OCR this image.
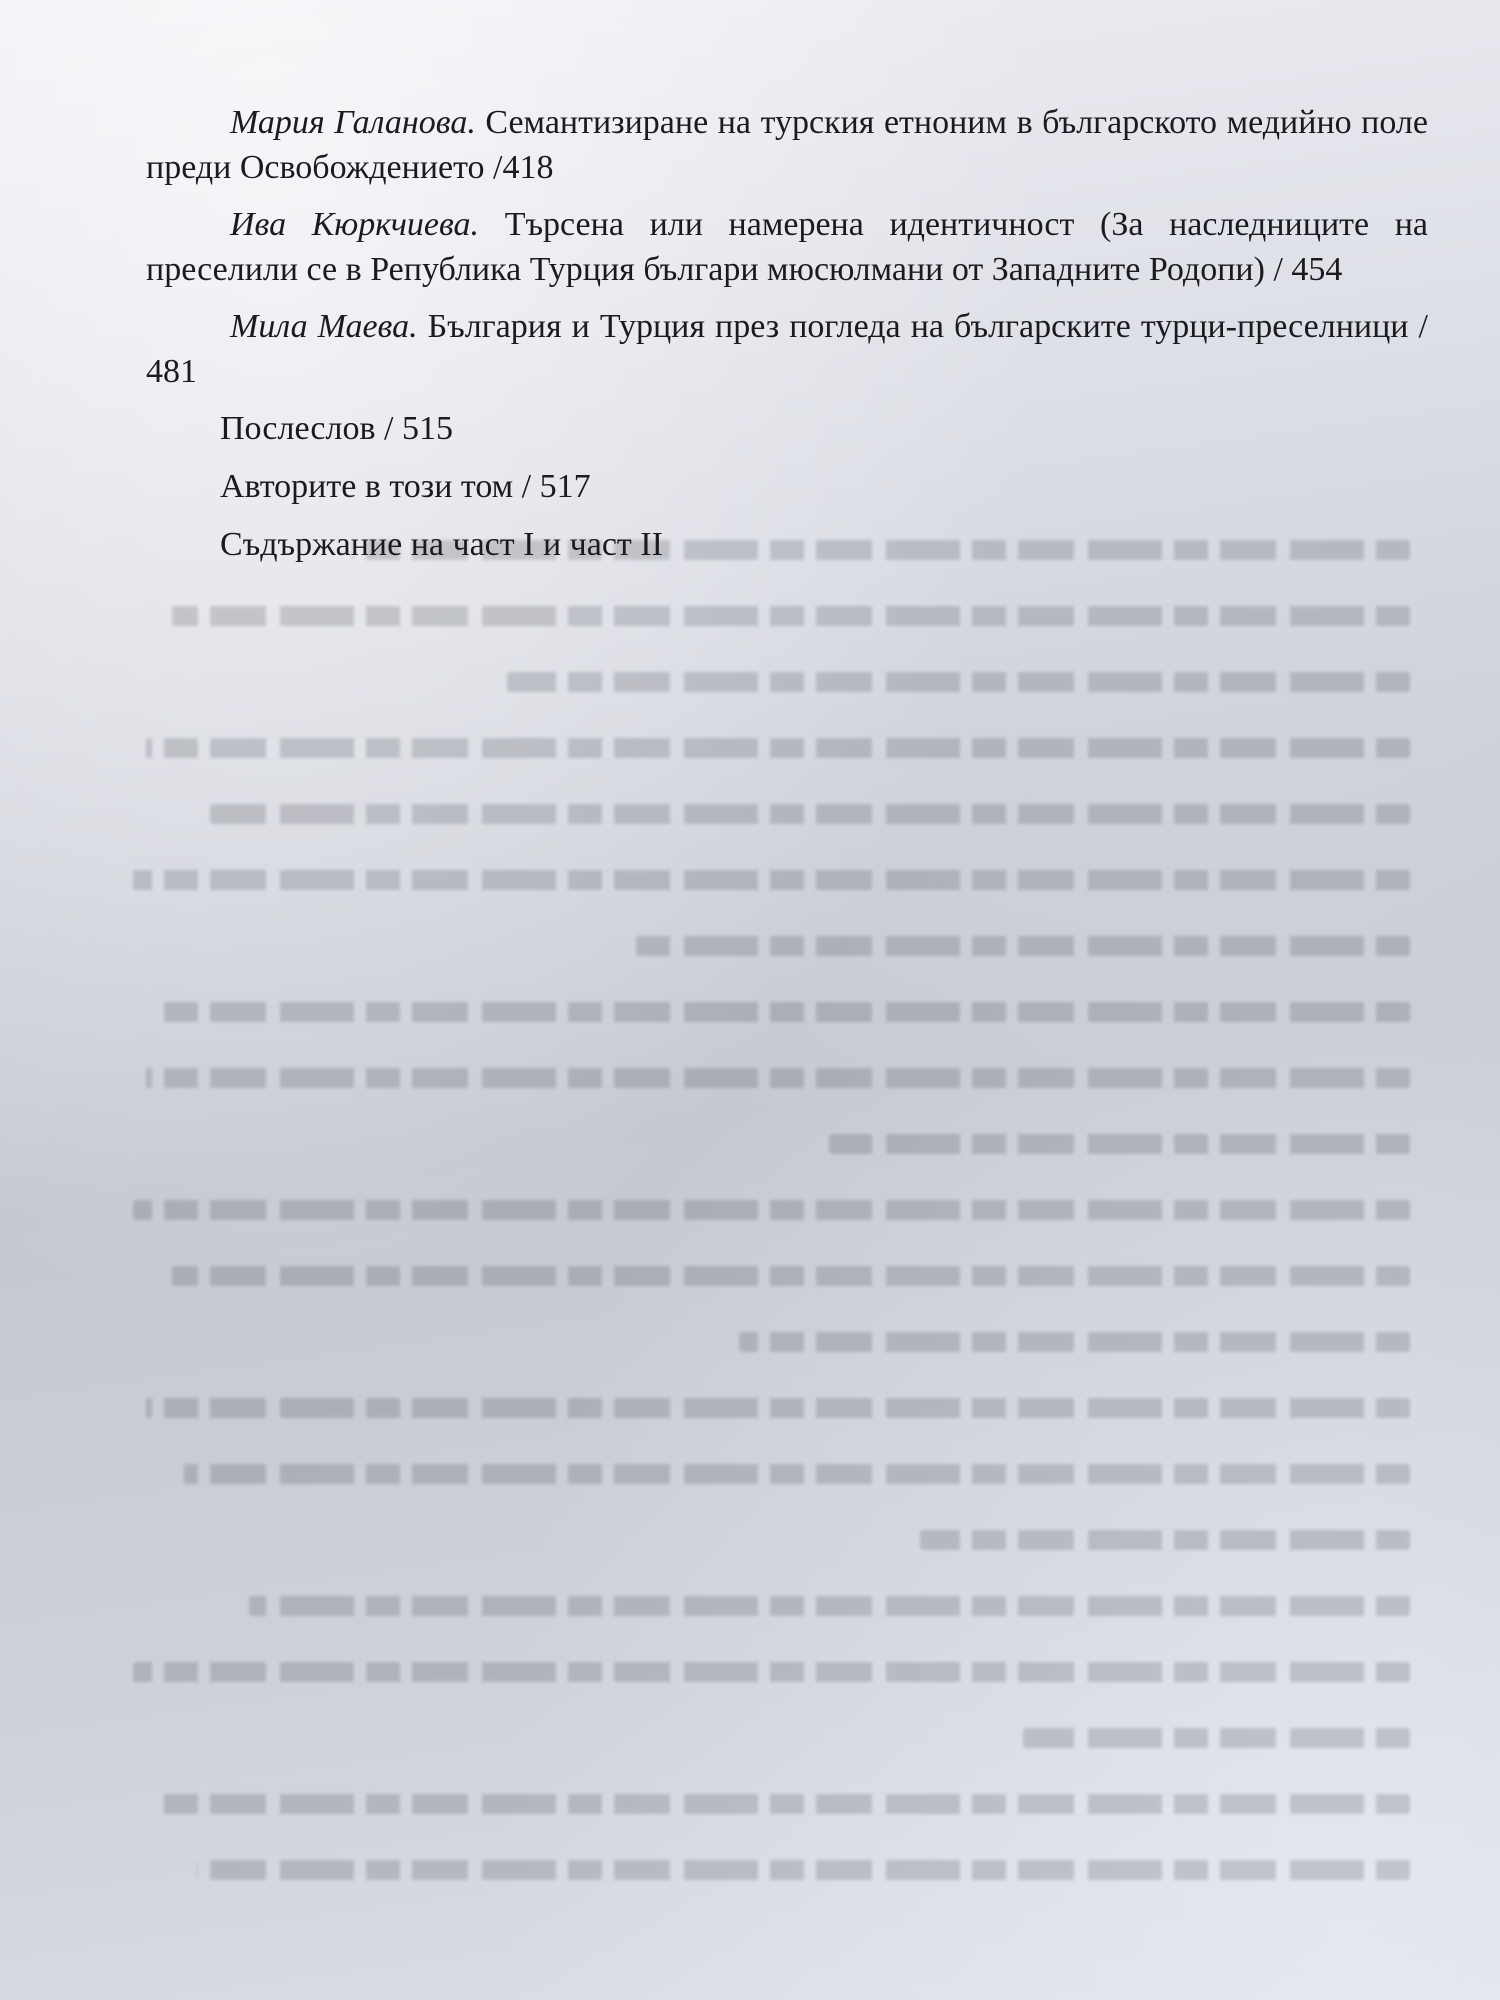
Мария Галанова. Семантизиране на турския етноним в българското медийно поле преди Освобождението /418

Ива Кюркчиева. Търсена или намерена идентичност (За наследниците на преселили се в Република Турция българи мюсюлмани от Западните Родопи) / 454

Мила Маева. България и Турция през погледа на българските турци-преселници / 481

Послеслов / 515

Авторите в този том / 517

Съдържание на част I и част II
